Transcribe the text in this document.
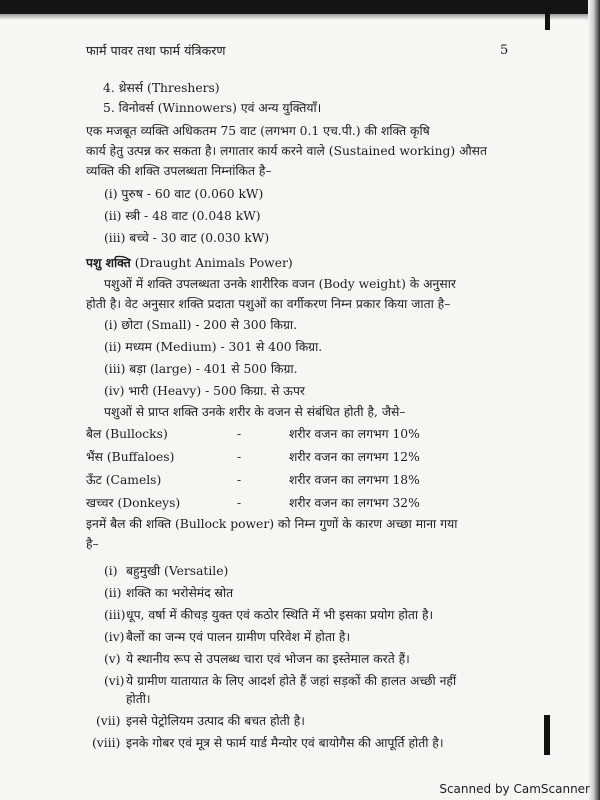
फार्म पावर तथा फार्म यंत्रिकरण	5
4. थ्रेसर्स (Threshers)
5. विनोवर्स (Winnowers) एवं अन्य युक्तियाँ।
एक मजबूत व्यक्ति अधिकतम 75 वाट (लगभग 0.1 एच.पी.) की शक्ति कृषि
कार्य हेतु उत्पन्न कर सकता है। लगातार कार्य करने वाले (Sustained working) औसत
व्यक्ति की शक्ति उपलब्धता निम्नांकित है–
(i) पुरुष - 60 वाट (0.060 kW)
(ii) स्त्री - 48 वाट (0.048 kW)
(iii) बच्चे - 30 वाट (0.030 kW)
पशु शक्ति (Draught Animals Power)
पशुओं में शक्ति उपलब्धता उनके शारीरिक वजन (Body weight) के अनुसार
होती है। वेट अनुसार शक्ति प्रदाता पशुओं का वर्गीकरण निम्न प्रकार किया जाता है–
(i) छोटा (Small) - 200 से 300 किग्रा.
(ii) मध्यम (Medium) - 301 से 400 किग्रा.
(iii) बड़ा (large) - 401 से 500 किग्रा.
(iv) भारी (Heavy) - 500 किग्रा. से ऊपर
पशुओं से प्राप्त शक्ति उनके शरीर के वजन से संबंधित होती है, जैसे–
बैल (Bullocks)	-	शरीर वजन का लगभग 10%
भैंस (Buffaloes)	-	शरीर वजन का लगभग 12%
ऊँट (Camels)	-	शरीर वजन का लगभग 18%
खच्चर (Donkeys)	-	शरीर वजन का लगभग 32%
इनमें बैल की शक्ति (Bullock power) को निम्न गुणों के कारण अच्छा माना गया
है–
(i) बहुमुखी (Versatile)
(ii) शक्ति का भरोसेमंद स्रोत
(iii)धूप, वर्षा में कीचड़ युक्त एवं कठोर स्थिति में भी इसका प्रयोग होता है।
(iv) बैलों का जन्म एवं पालन ग्रामीण परिवेश में होता है।
(v) ये स्थानीय रूप से उपलब्ध चारा एवं भोजन का इस्तेमाल करते हैं।
(vi) ये ग्रामीण यातायात के लिए आदर्श होते हैं जहां सड़कों की हालत अच्छी नहीं
होती।
(vii) इनसे पेट्रोलियम उत्पाद की बचत होती है।
(viii) इनके गोबर एवं मूत्र से फार्म यार्ड मैन्योर एवं बायोगैस की आपूर्ति होती है।
Scanned by CamScanner
